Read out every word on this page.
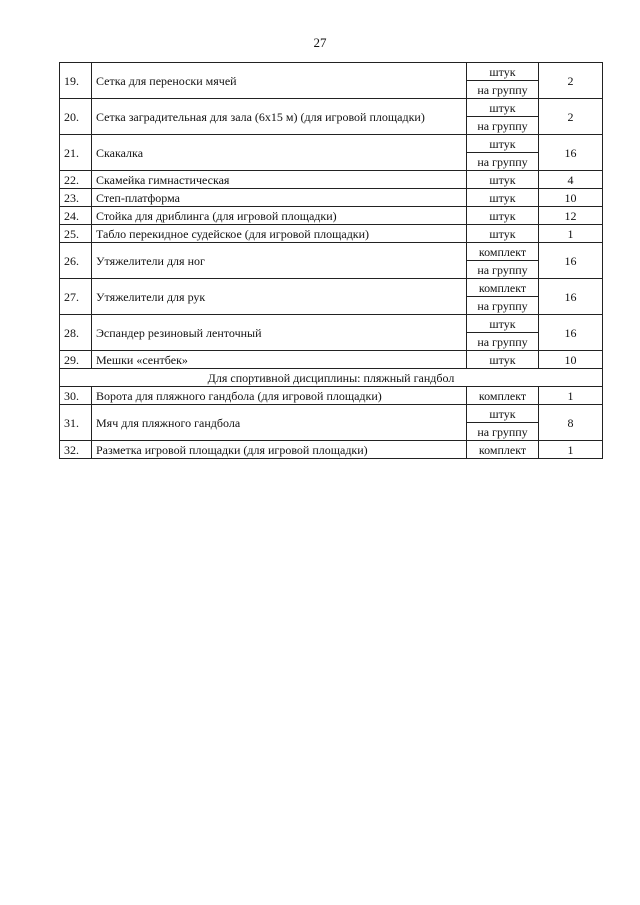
27
19.	Сетка для переноски мячей	штук	2
		на группу	
20.	Сетка заградительная для зала (6х15 м) (для игровой площадки)	штук	2
		на группу	
21.	Скакалка	штук	16
		на группу	
22.	Скамейка гимнастическая	штук	4
23.	Степ-платформа	штук	10
24.	Стойка для дриблинга (для игровой площадки)	штук	12
25.	Табло перекидное судейское (для игровой площадки)	штук	1
26.	Утяжелители для ног	комплект	16
		на группу	
27.	Утяжелители для рук	комплект	16
		на группу	
28.	Эспандер резиновый ленточный	штук	16
		на группу	
29.	Мешки «сентбек»	штук	10
Для спортивной дисциплины: пляжный гандбол			
30.	Ворота для пляжного гандбола (для игровой площадки)	комплект	1
31.	Мяч для пляжного гандбола	штук	8
		на группу	
32.	Разметка игровой площадки (для игровой площадки)	комплект	1
